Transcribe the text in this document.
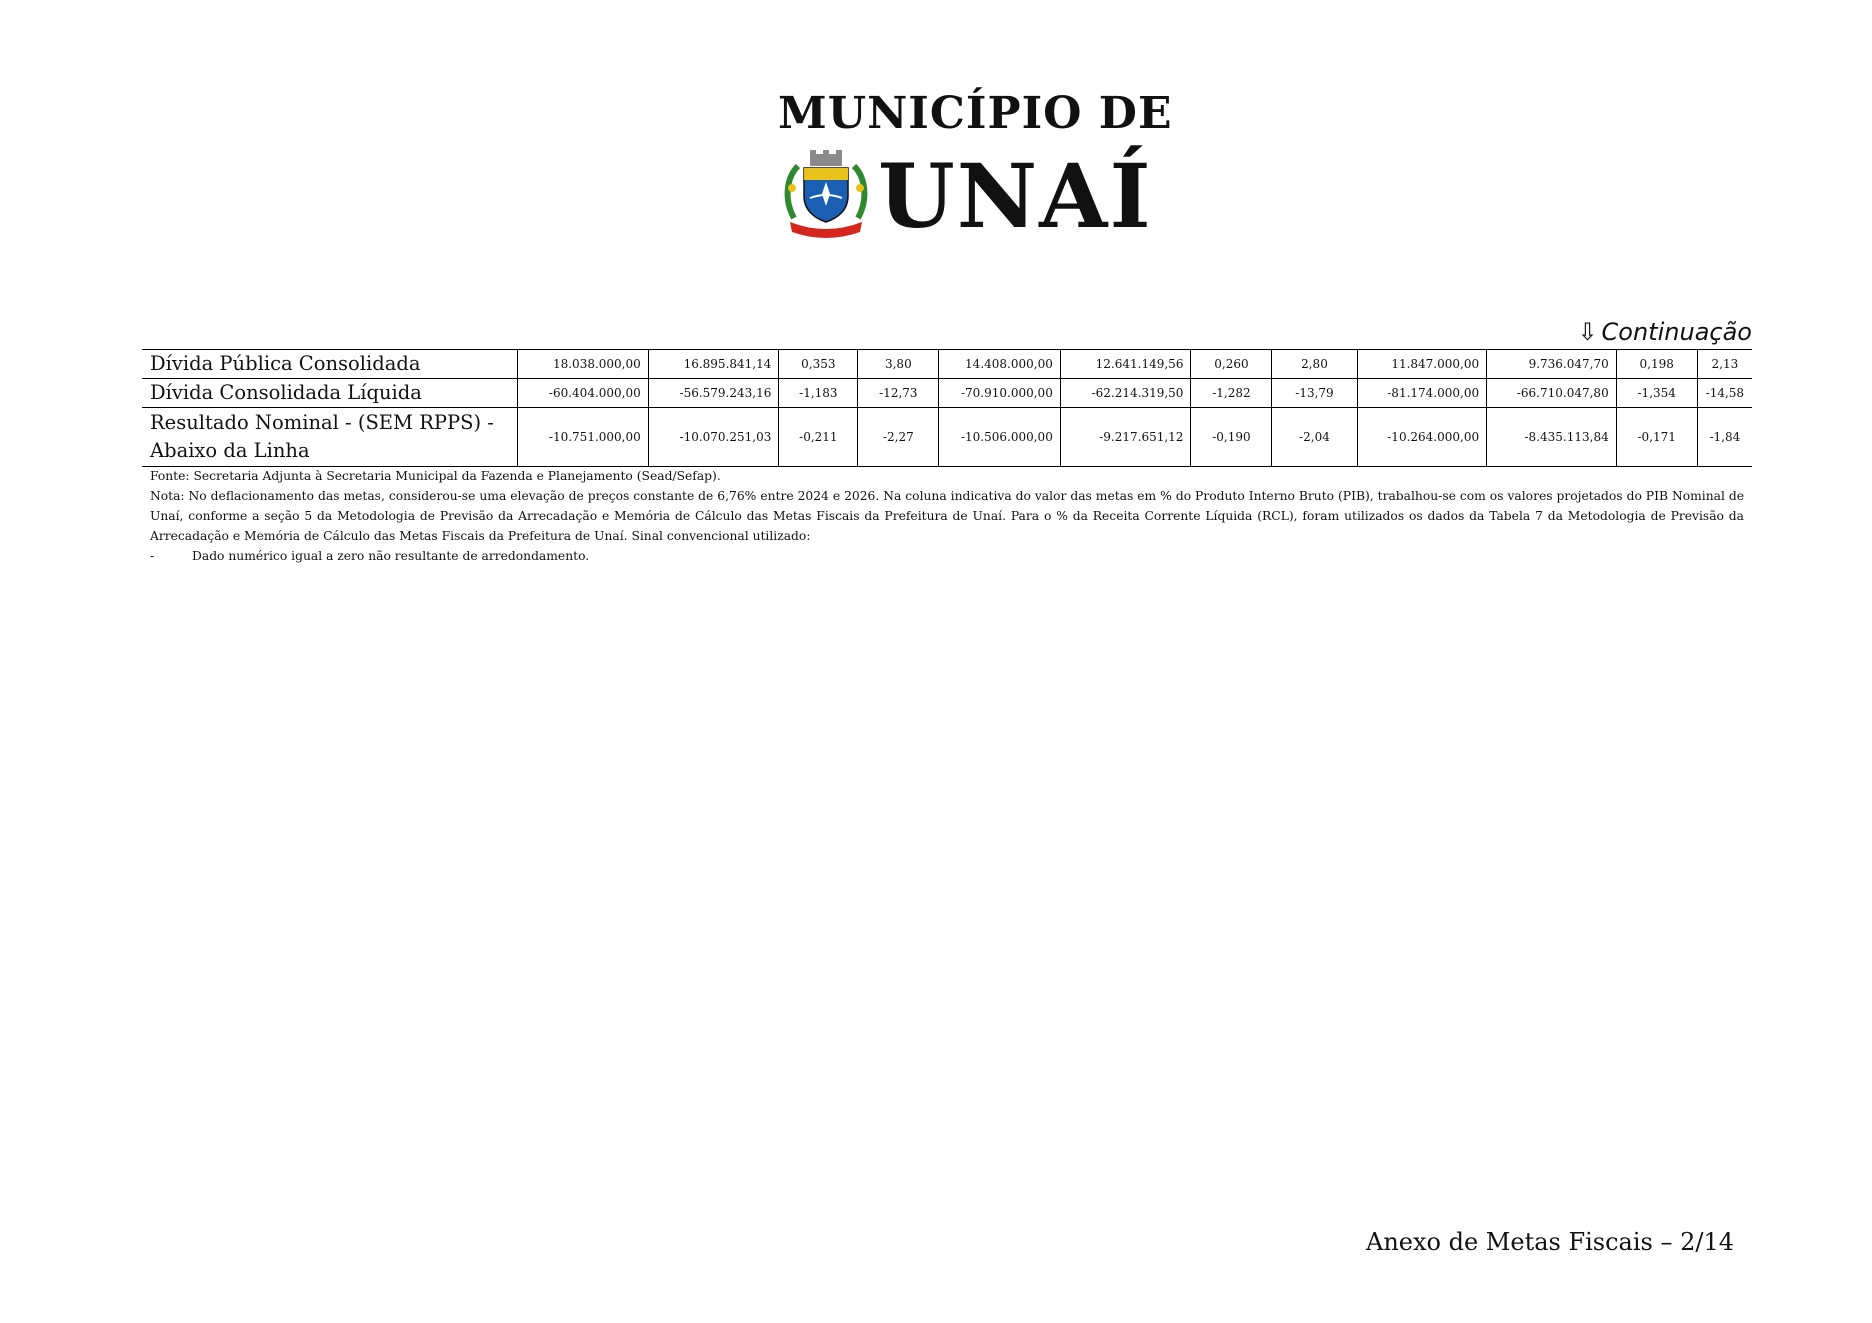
MUNICÍPIO DE
UNAÍ
⇩ Continuação
Dívida Pública Consolidada	18.038.000,00	16.895.841,14	0,353	3,80	14.408.000,00	12.641.149,56	0,260	2,80	11.847.000,00	9.736.047,70	0,198	2,13
Dívida Consolidada Líquida	-60.404.000,00	-56.579.243,16	-1,183	-12,73	-70.910.000,00	-62.214.319,50	-1,282	-13,79	-81.174.000,00	-66.710.047,80	-1,354	-14,58
Resultado Nominal - (SEM RPPS) - Abaixo da Linha	-10.751.000,00	-10.070.251,03	-0,211	-2,27	-10.506.000,00	-9.217.651,12	-0,190	-2,04	-10.264.000,00	-8.435.113,84	-0,171	-1,84

Fonte: Secretaria Adjunta à Secretaria Municipal da Fazenda e Planejamento (Sead/Sefap).

Nota: No deflacionamento das metas, considerou-se uma elevação de preços constante de 6,76% entre 2024 e 2026. Na coluna indicativa do valor das metas em % do Produto Interno Bruto (PIB), trabalhou-se com os valores projetados do PIB Nominal de Unaí, conforme a seção 5 da Metodologia de Previsão da Arrecadação e Memória de Cálculo das Metas Fiscais da Prefeitura de Unaí. Para o % da Receita Corrente Líquida (RCL), foram utilizados os dados da Tabela 7 da Metodologia de Previsão da Arrecadação e Memória de Cálculo das Metas Fiscais da Prefeitura de Unaí. Sinal convencional utilizado:

-	Dado numérico igual a zero não resultante de arredondamento.
Anexo de Metas Fiscais – 2/14
